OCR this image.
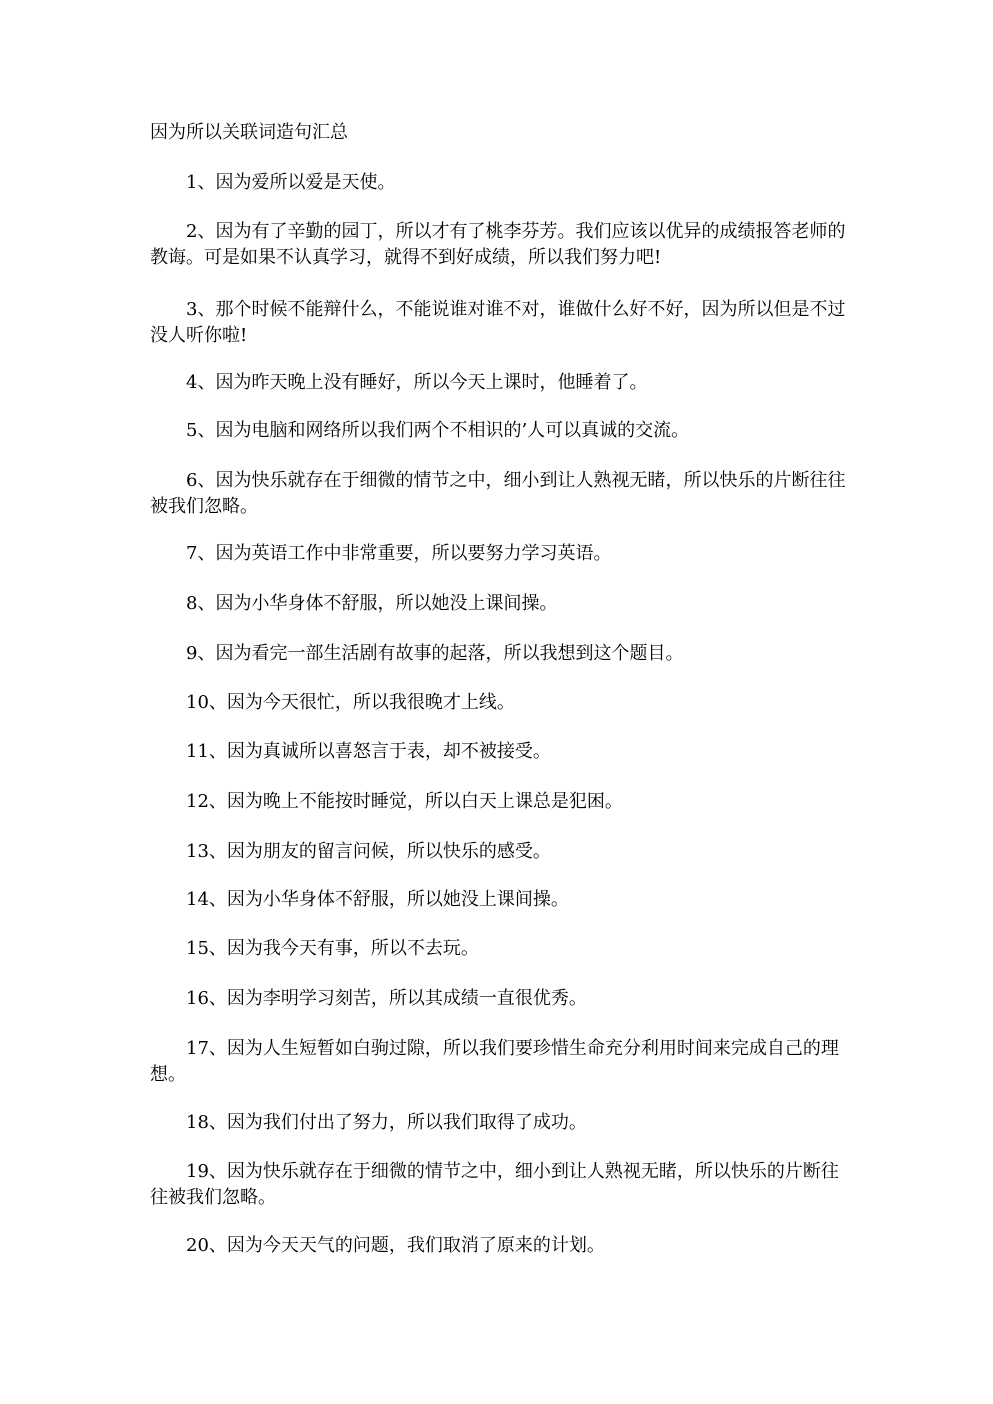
因为所以关联词造句汇总

1、因为爱所以爱是天使。

2、因为有了辛勤的园丁，所以才有了桃李芬芳。我们应该以优异的成绩报答老师的教诲。可是如果不认真学习，就得不到好成绩，所以我们努力吧!

3、那个时候不能辩什么，不能说谁对谁不对，谁做什么好不好，因为所以但是不过没人听你啦!

4、因为昨天晚上没有睡好，所以今天上课时，他睡着了。

5、因为电脑和网络所以我们两个不相识的’人可以真诚的交流。

6、因为快乐就存在于细微的情节之中，细小到让人熟视无睹，所以快乐的片断往往被我们忽略。

7、因为英语工作中非常重要，所以要努力学习英语。

8、因为小华身体不舒服，所以她没上课间操。

9、因为看完一部生活剧有故事的起落，所以我想到这个题目。

10、因为今天很忙，所以我很晚才上线。

11、因为真诚所以喜怒言于表，却不被接受。

12、因为晚上不能按时睡觉，所以白天上课总是犯困。

13、因为朋友的留言问候，所以快乐的感受。

14、因为小华身体不舒服，所以她没上课间操。

15、因为我今天有事，所以不去玩。

16、因为李明学习刻苦，所以其成绩一直很优秀。

17、因为人生短暂如白驹过隙，所以我们要珍惜生命充分利用时间来完成自己的理想。

18、因为我们付出了努力，所以我们取得了成功。

19、因为快乐就存在于细微的情节之中，细小到让人熟视无睹，所以快乐的片断往往被我们忽略。

20、因为今天天气的问题，我们取消了原来的计划。
